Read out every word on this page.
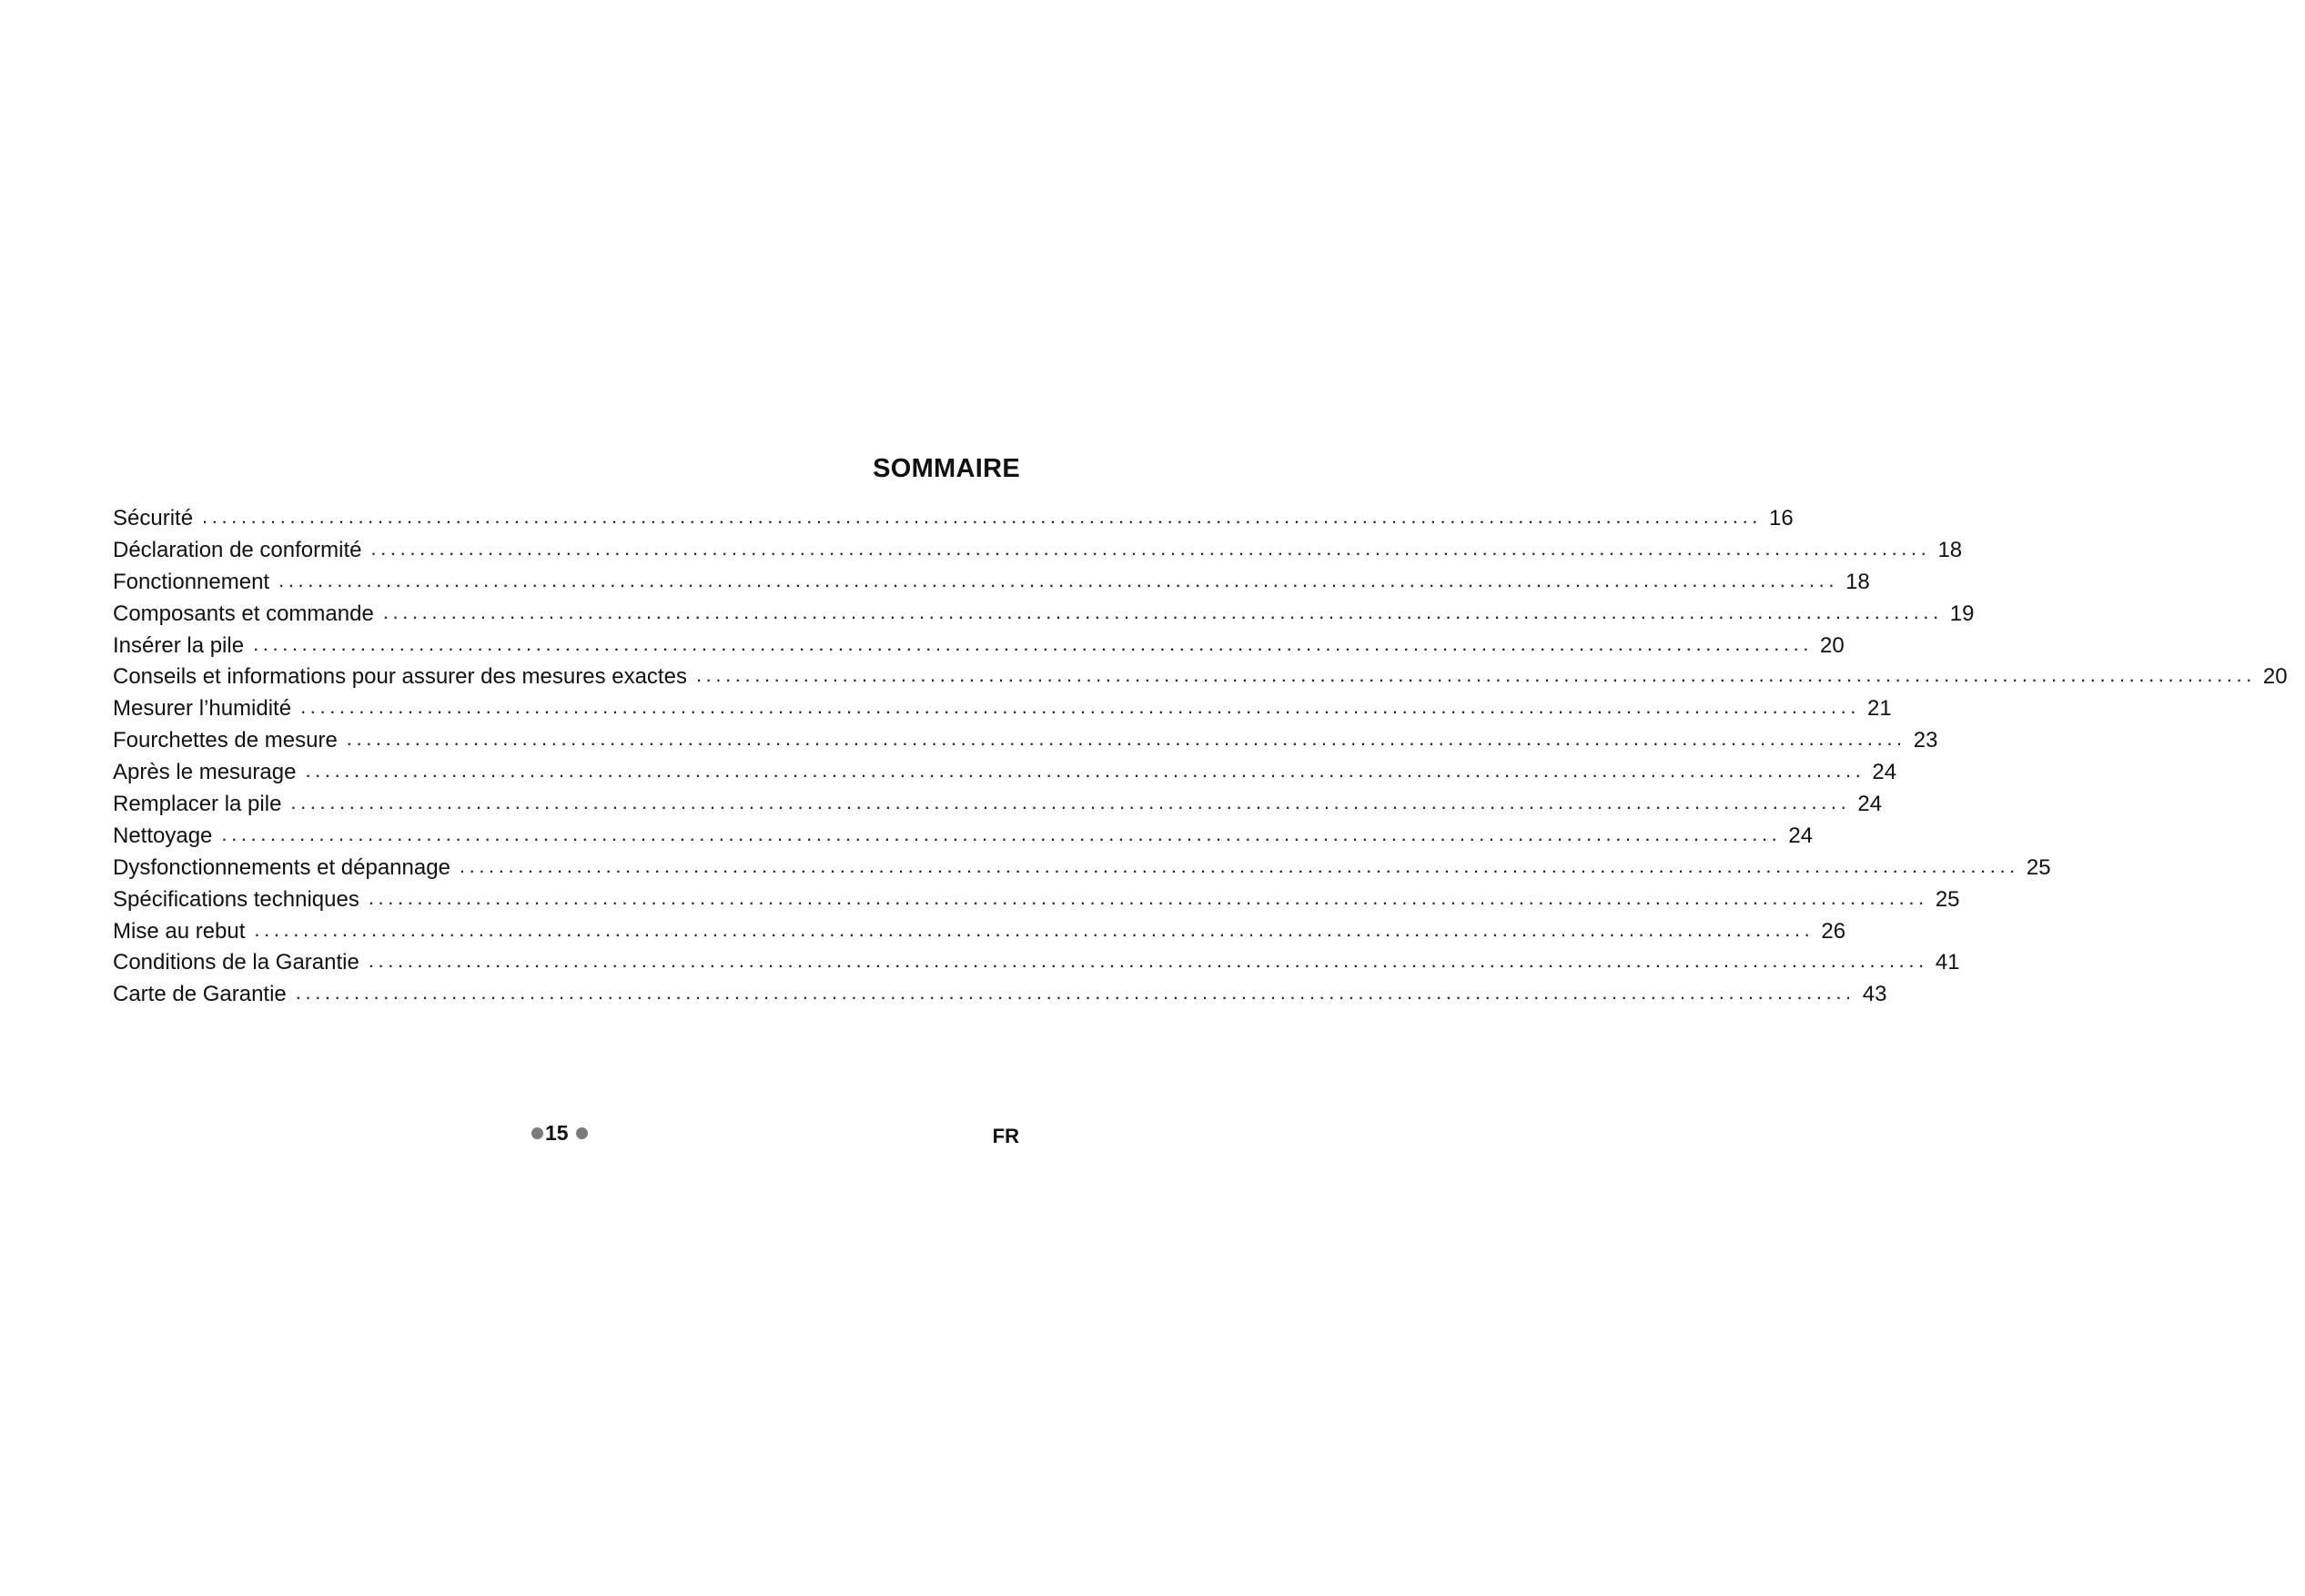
SOMMAIRE
Sécurité ................................................................................................................................................................ 16
Déclaration de conformité ................................................................................................................................................................ 18
Fonctionnement ................................................................................................................................................................ 18
Composants et commande ................................................................................................................................................................ 19
Insérer la pile ................................................................................................................................................................ 20
Conseils et informations pour assurer des mesures exactes ................................................................................................................................................................ 20
Mesurer l’humidité ................................................................................................................................................................ 21
Fourchettes de mesure ................................................................................................................................................................ 23
Après le mesurage ................................................................................................................................................................ 24
Remplacer la pile ................................................................................................................................................................ 24
Nettoyage ................................................................................................................................................................ 24
Dysfonctionnements et dépannage ................................................................................................................................................................ 25
Spécifications techniques ................................................................................................................................................................ 25
Mise au rebut ................................................................................................................................................................ 26
Conditions de la Garantie ................................................................................................................................................................ 41
Carte de Garantie ................................................................................................................................................................ 43
15	FR
